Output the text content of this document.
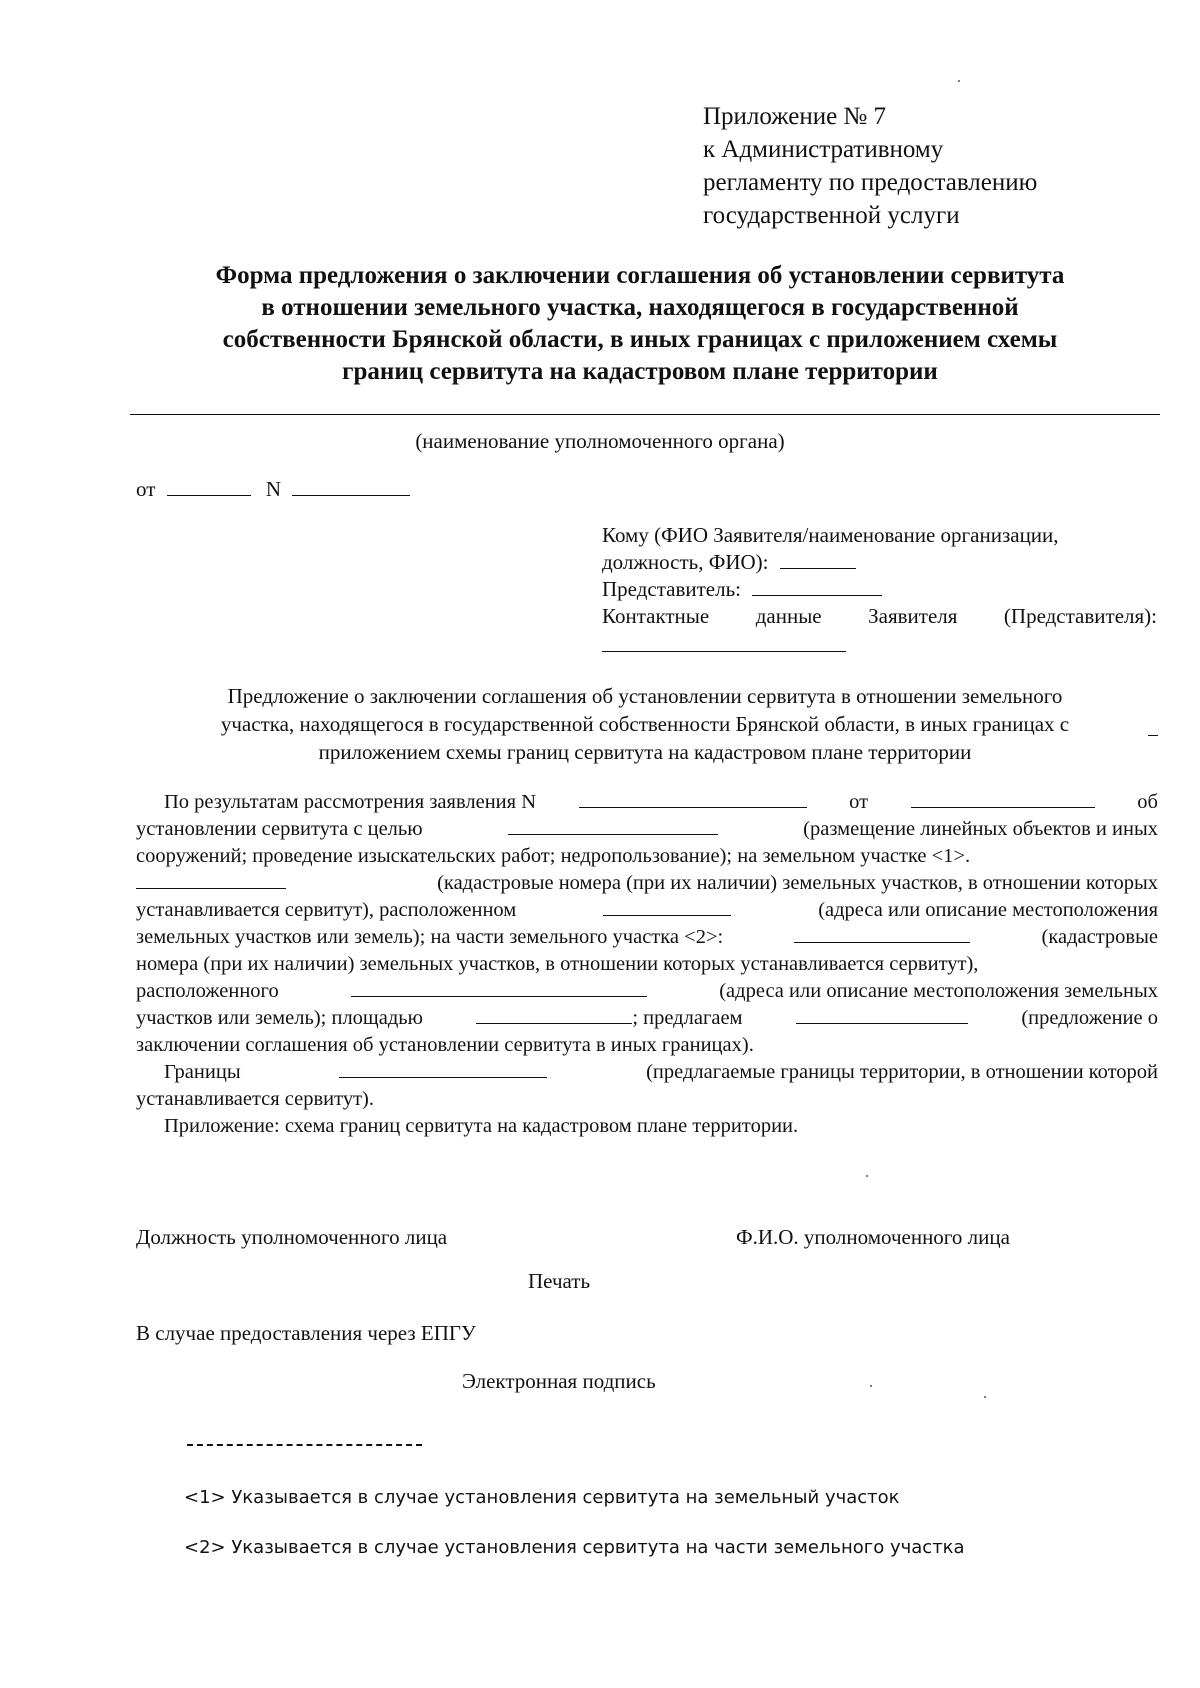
Приложение № 7
к Административному
регламенту по предоставлению
государственной услуги
Форма предложения о заключении соглашения об установлении сервитута
в отношении земельного участка, находящегося в государственной
собственности Брянской области, в иных границах с приложением схемы
границ сервитута на кадастровом плане территории
(наименование уполномоченного органа)
от	N
Кому (ФИО Заявителя/наименование организации,
должность, ФИО):
Представитель:
Контактные данные Заявителя (Представителя):
Предложение о заключении соглашения об установлении сервитута в отношении земельного
участка, находящегося в государственной собственности Брянской области, в иных границах с
приложением схемы границ сервитута на кадастровом плане территории
По результатам рассмотрения заявления N	от	об
установлении сервитута с целью	(размещение линейных объектов и иных
сооружений; проведение изыскательских работ; недропользование); на земельном участке <1>.
(кадастровые номера (при их наличии) земельных участков, в отношении которых
устанавливается сервитут), расположенном	(адреса или описание местоположения
земельных участков или земель); на части земельного участка <2>:	(кадастровые
номера (при их наличии) земельных участков, в отношении которых устанавливается сервитут),
расположенного	(адреса или описание местоположения земельных
участков или земель); площадью	; предлагаем	(предложение о
заключении соглашения об установлении сервитута в иных границах).
Границы	(предлагаемые границы территории, в отношении которой
устанавливается сервитут).
Приложение: схема границ сервитута на кадастровом плане территории.
Должность уполномоченного лица	Ф.И.О. уполномоченного лица
Печать
В случае предоставления через ЕПГУ
Электронная подпись
<1> Указывается в случае установления сервитута на земельный участок
<2> Указывается в случае установления сервитута на части земельного участка
